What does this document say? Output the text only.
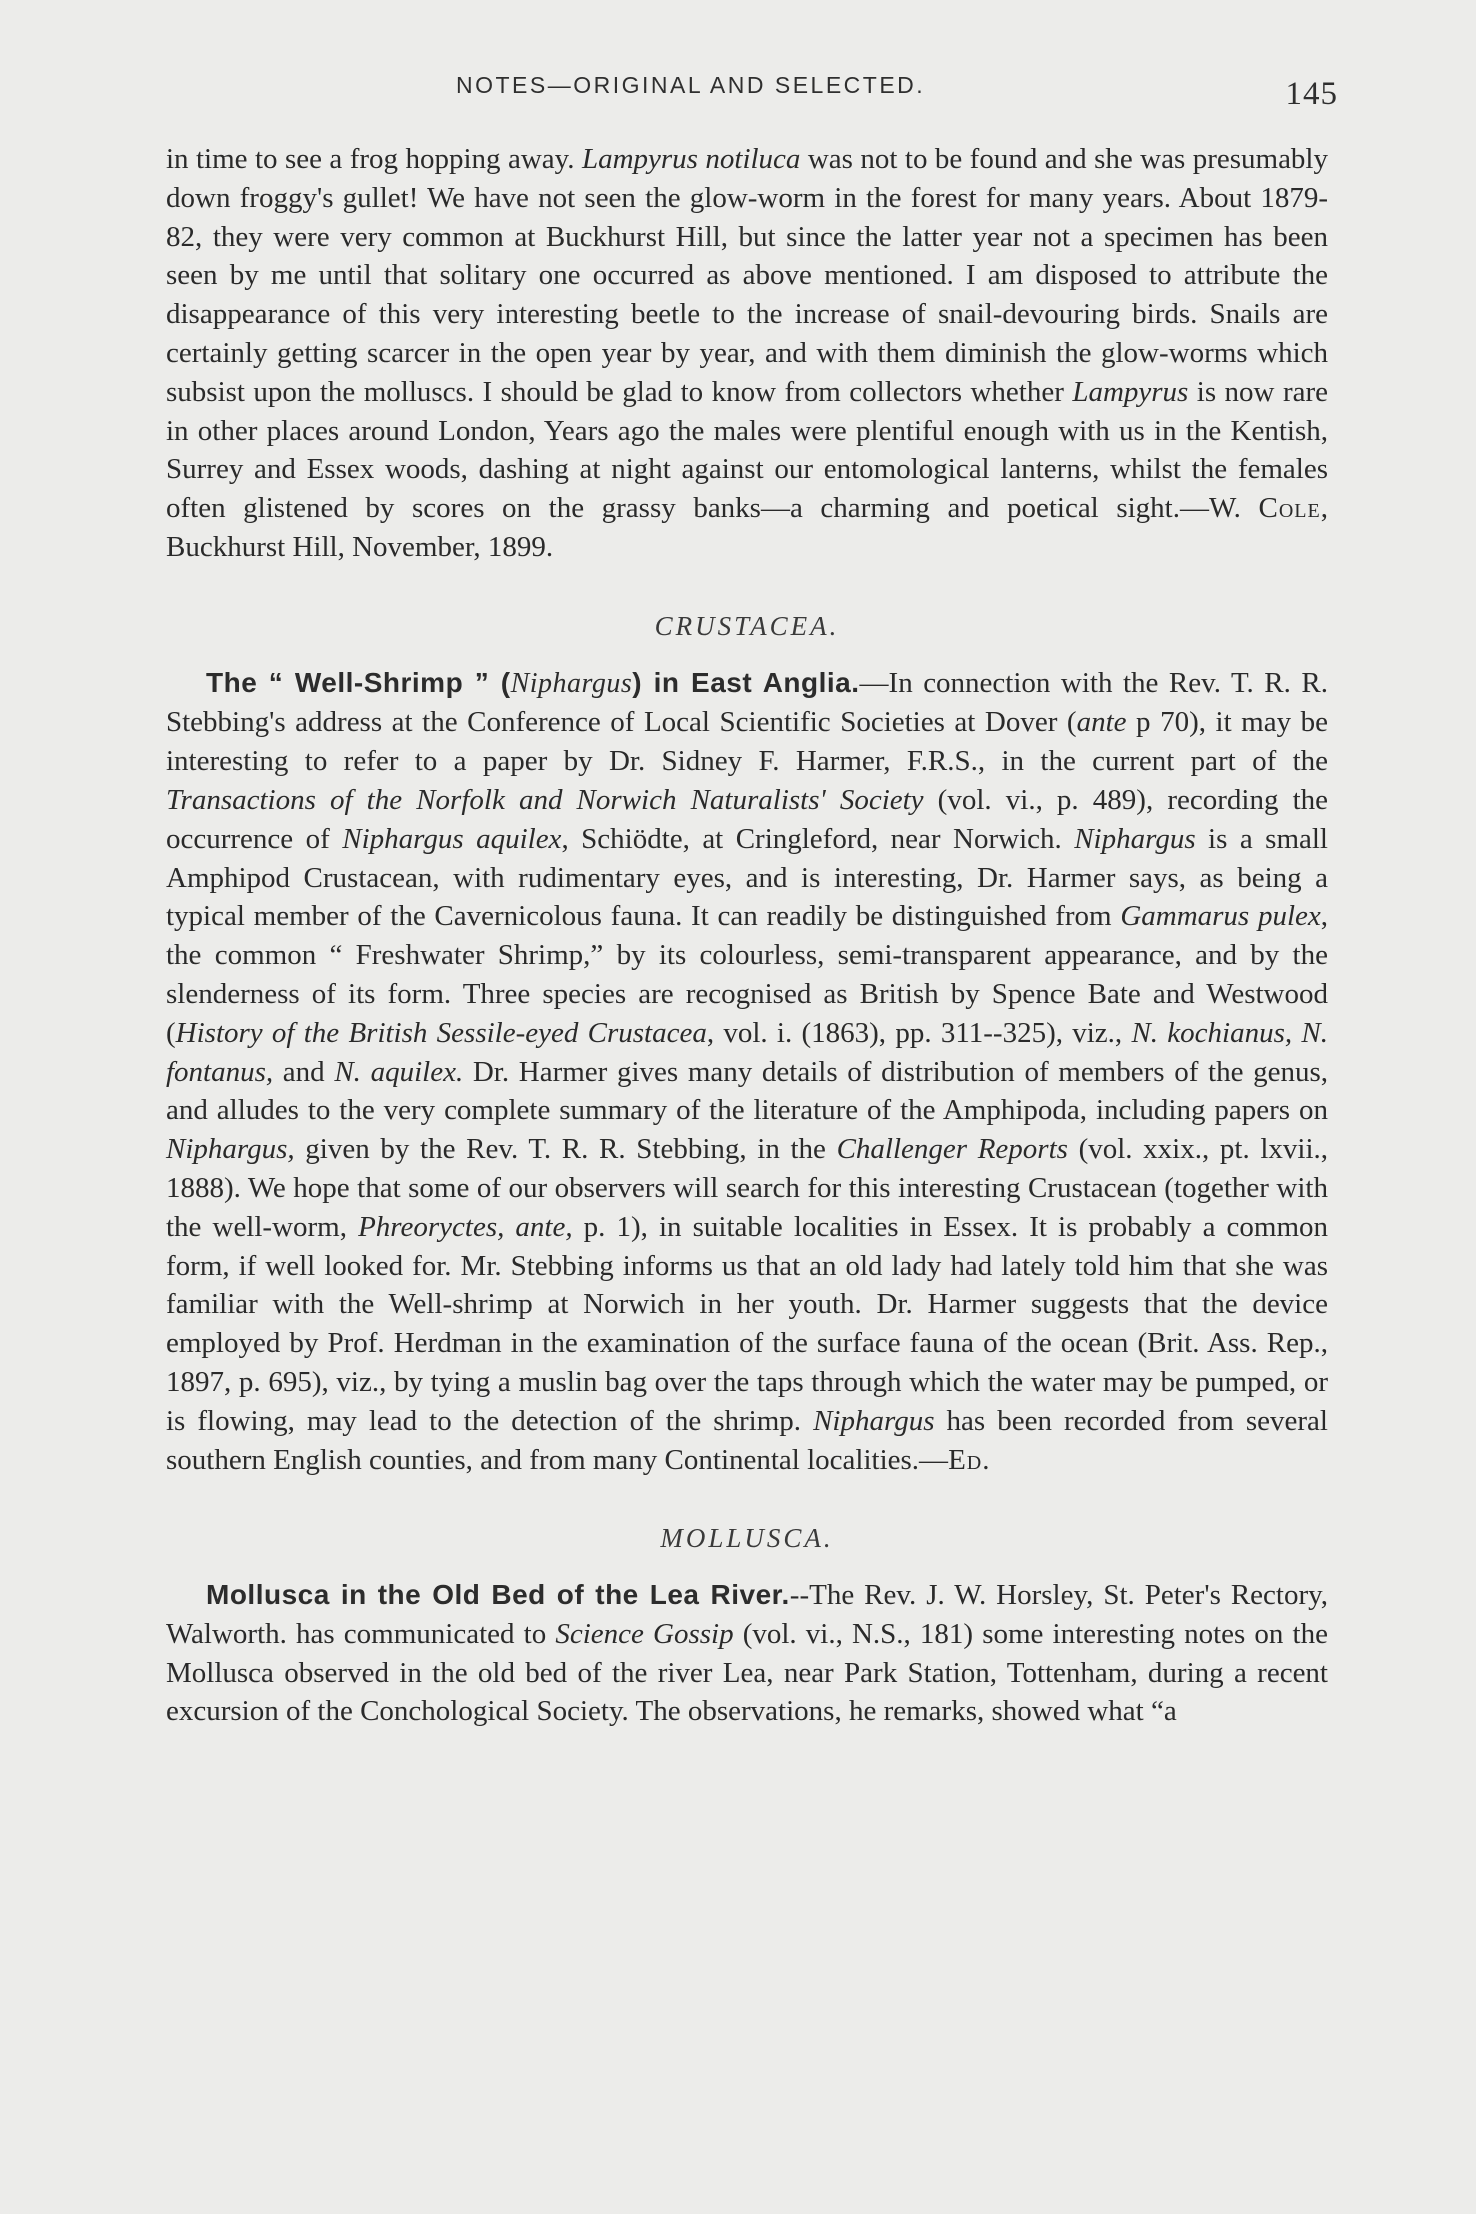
NOTES—ORIGINAL AND SELECTED.	145

in time to see a frog hopping away. Lampyrus notiluca was not to be found and she was presumably down froggy's gullet! We have not seen the glow-worm in the forest for many years. About 1879-82, they were very common at Buckhurst Hill, but since the latter year not a specimen has been seen by me until that solitary one occurred as above mentioned. I am disposed to attribute the disappearance of this very interesting beetle to the increase of snail-devouring birds. Snails are certainly getting scarcer in the open year by year, and with them diminish the glow-worms which subsist upon the molluscs. I should be glad to know from collectors whether Lampyrus is now rare in other places around London, Years ago the males were plentiful enough with us in the Kentish, Surrey and Essex woods, dashing at night against our entomological lanterns, whilst the females often glistened by scores on the grassy banks—a charming and poetical sight.—W. Cole, Buckhurst Hill, November, 1899.

CRUSTACEA.

The “ Well-Shrimp ” (Niphargus) in East Anglia.—In connection with the Rev. T. R. R. Stebbing's address at the Conference of Local Scientific Societies at Dover (ante p 70), it may be interesting to refer to a paper by Dr. Sidney F. Harmer, F.R.S., in the current part of the Transactions of the Norfolk and Norwich Naturalists' Society (vol. vi., p. 489), recording the occurrence of Niphargus aquilex, Schiödte, at Cringleford, near Norwich. Niphargus is a small Amphipod Crustacean, with rudimentary eyes, and is interesting, Dr. Harmer says, as being a typical member of the Cavernicolous fauna. It can readily be distinguished from Gammarus pulex, the common “ Freshwater Shrimp,” by its colourless, semi-transparent appearance, and by the slenderness of its form. Three species are recognised as British by Spence Bate and Westwood (History of the British Sessile-eyed Crustacea, vol. i. (1863), pp. 311--325), viz., N. kochianus, N. fontanus, and N. aquilex. Dr. Harmer gives many details of distribution of members of the genus, and alludes to the very complete summary of the literature of the Amphipoda, including papers on Niphargus, given by the Rev. T. R. R. Stebbing, in the Challenger Reports (vol. xxix., pt. lxvii., 1888). We hope that some of our observers will search for this interesting Crustacean (together with the well-worm, Phreoryctes, ante, p. 1), in suitable localities in Essex. It is probably a common form, if well looked for. Mr. Stebbing informs us that an old lady had lately told him that she was familiar with the Well-shrimp at Norwich in her youth. Dr. Harmer suggests that the device employed by Prof. Herdman in the examination of the surface fauna of the ocean (Brit. Ass. Rep., 1897, p. 695), viz., by tying a muslin bag over the taps through which the water may be pumped, or is flowing, may lead to the detection of the shrimp. Niphargus has been recorded from several southern English counties, and from many Continental localities.—Ed.

MOLLUSCA.

Mollusca in the Old Bed of the Lea River.--The Rev. J. W. Horsley, St. Peter's Rectory, Walworth. has communicated to Science Gossip (vol. vi., N.S., 181) some interesting notes on the Mollusca observed in the old bed of the river Lea, near Park Station, Tottenham, during a recent excursion of the Conchological Society. The observations, he remarks, showed what “a
